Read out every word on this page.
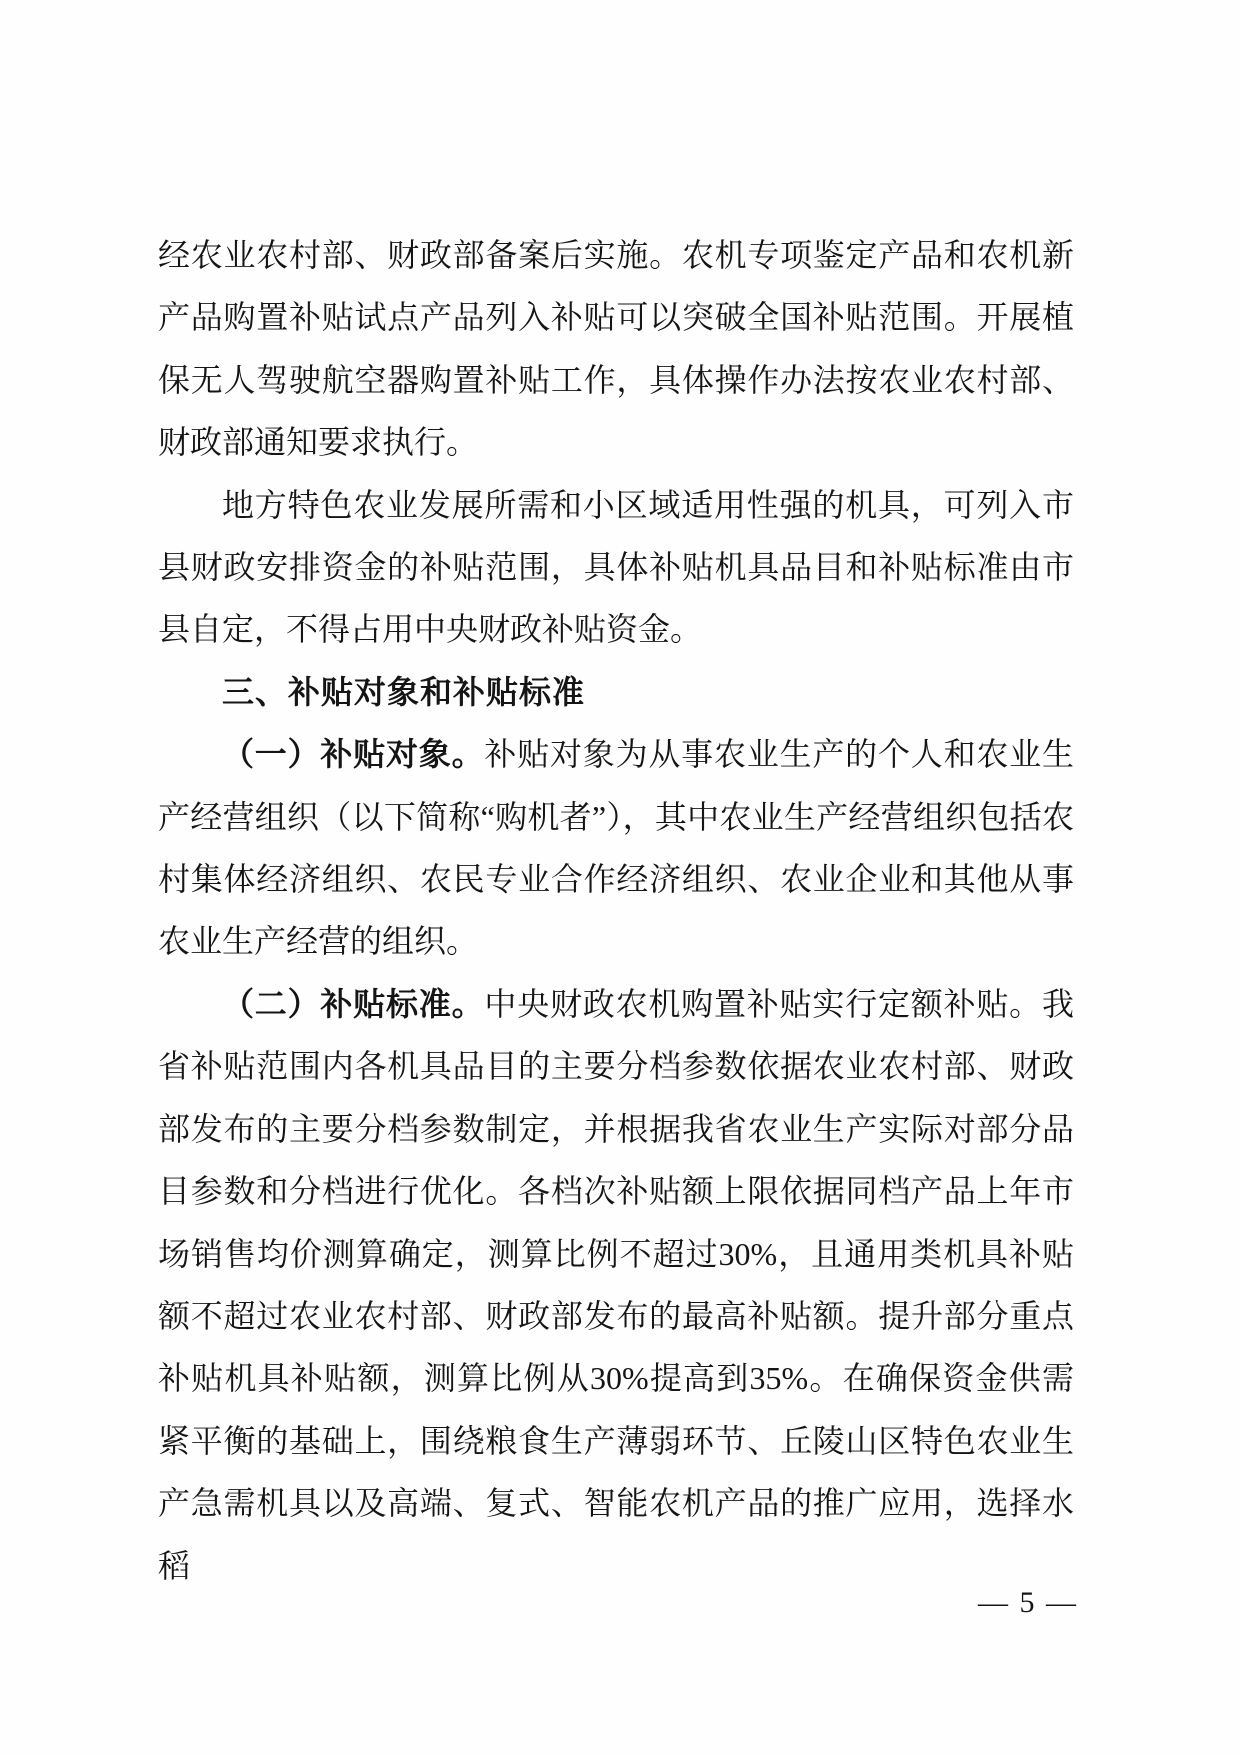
经农业农村部、财政部备案后实施。农机专项鉴定产品和农机新产品购置补贴试点产品列入补贴可以突破全国补贴范围。开展植保无人驾驶航空器购置补贴工作，具体操作办法按农业农村部、财政部通知要求执行。

地方特色农业发展所需和小区域适用性强的机具，可列入市县财政安排资金的补贴范围，具体补贴机具品目和补贴标准由市县自定，不得占用中央财政补贴资金。

三、补贴对象和补贴标准

（一）补贴对象。补贴对象为从事农业生产的个人和农业生产经营组织（以下简称“购机者”），其中农业生产经营组织包括农村集体经济组织、农民专业合作经济组织、农业企业和其他从事农业生产经营的组织。

（二）补贴标准。中央财政农机购置补贴实行定额补贴。我省补贴范围内各机具品目的主要分档参数依据农业农村部、财政部发布的主要分档参数制定，并根据我省农业生产实际对部分品目参数和分档进行优化。各档次补贴额上限依据同档产品上年市场销售均价测算确定，测算比例不超过30%，且通用类机具补贴额不超过农业农村部、财政部发布的最高补贴额。提升部分重点补贴机具补贴额，测算比例从30%提高到35%。在确保资金供需紧平衡的基础上，围绕粮食生产薄弱环节、丘陵山区特色农业生产急需机具以及高端、复式、智能农机产品的推广应用，选择水稻

— 5 —
